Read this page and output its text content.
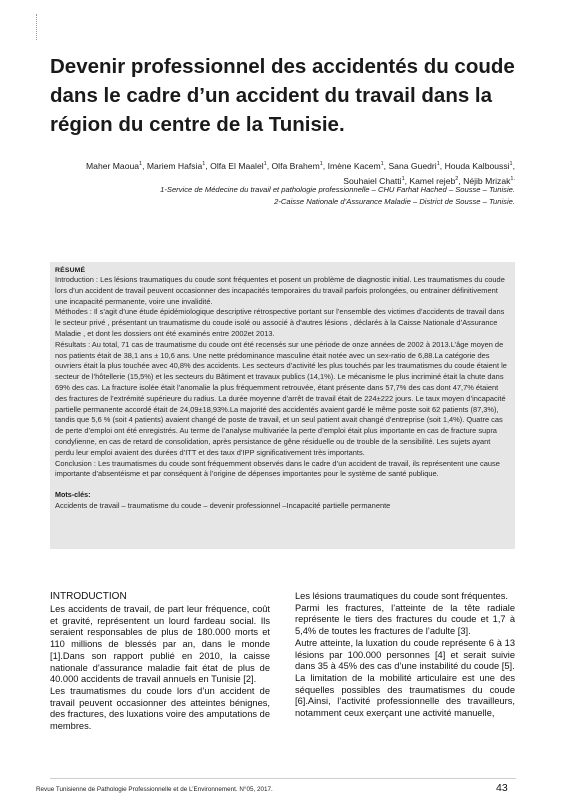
Devenir professionnel des accidentés du coude dans le cadre d’un accident du travail dans la région du centre de la Tunisie.
Maher Maoua$^1$, Mariem Hafsia$^1$, Olfa El Maalel$^1$, Olfa Brahem$^1$, Imène Kacem$^1$, Sana Guedri$^1$, Houda Kalboussi$^1$, Souhaiel Chatti$^1$, Kamel rejeb$^2$, Néjib Mrizak$^{1.}$
1-Service de Médecine du travail et pathologie professionnelle – CHU Farhat Hached – Sousse – Tunisie.
2-Caisse Nationale d’Assurance Maladie – District de Sousse – Tunisie.
RÉSUMÉ

Introduction : Les lésions traumatiques du coude sont fréquentes et posent un problème de diagnostic initial. Les traumatismes du coude lors d’un accident de travail peuvent occasionner des incapacités temporaires du travail parfois prolongées, ou entrainer définitivement une incapacité permanente, voire une invalidité.

Méthodes : Il s’agit d’une étude épidémiologique descriptive rétrospective portant sur l’ensemble des victimes d’accidents de travail dans le secteur privé , présentant un traumatisme du coude isolé ou associé à d’autres lésions , déclarés à la Caisse Nationale d’Assurance Maladie , et dont les dossiers ont été examinés entre 2002et 2013.

Résultats : Au total, 71 cas de traumatisme du coude ont été recensés sur une période de onze années de 2002 à 2013.L’âge moyen de nos patients était de 38,1 ans ± 10,6 ans. Une nette prédominance masculine était notée avec un sex-ratio de 6,88.La catégorie des ouvriers était la plus touchée avec 40,8% des accidents. Les secteurs d’activité les plus touchés par les traumatismes du coude étaient le secteur de l’hôtellerie (15,5%) et les secteurs du Bâtiment et travaux publics (14,1%). Le mécanisme le plus incriminé était la chute dans 69% des cas. La fracture isolée était l’anomalie la plus fréquemment retrouvée, étant présente dans 57,7% des cas dont 47,7% étaient des fractures de l’extrémité supérieure du radius. La durée moyenne d’arrêt de travail était de 224±222 jours. Le taux moyen d’incapacité partielle permanente accordé était de 24,09±18,93%.La majorité des accidentés avaient gardé le même poste soit 62 patients (87,3%), tandis que 5,6 % (soit 4 patients) avaient changé de poste de travail, et un seul patient avait changé d’entreprise (soit 1,4%). Quatre cas de perte d’emploi ont été enregistrés. Au terme de l’analyse multivariée la perte d’emploi était plus importante en cas de fracture supra condylienne, en cas de retard de consolidation, après persistance de gêne résiduelle ou de trouble de la sensibilité. Les sujets ayant perdu leur emploi avaient des durées d’ITT et des taux d’IPP significativement très importants.

Conclusion : Les traumatismes du coude sont fréquemment observés dans le cadre d’un accident de travail, ils représentent une cause importante d’absentéisme et par conséquent à l’origine de dépenses importantes pour le système de santé publique.

Mots-clés:
Accidents de travail – traumatisme du coude – devenir professionnel –Incapacité partielle permanente
INTRODUCTION

Les accidents de travail, de part leur fréquence, coût et gravité, représentent un lourd fardeau social. Ils seraient responsables de plus de 180.000 morts et 110 millions de blessés par an, dans le monde [1].Dans son rapport publié en 2010, la caisse nationale d’assurance maladie fait état de plus de 40.000 accidents de travail annuels en Tunisie [2].

Les traumatismes du coude lors d’un accident de travail peuvent occasionner des atteintes bénignes, des fractures, des luxations voire des amputations de membres.

Les lésions traumatiques du coude sont fréquentes.

Parmi les fractures, l’atteinte de la tête radiale représente le tiers des fractures du coude et 1,7 à 5,4% de toutes les fractures de l’adulte [3].

Autre atteinte, la luxation du coude représente 6 à 13 lésions par 100.000 personnes [4] et serait suivie dans 35 à 45% des cas d’une instabilité du coude [5].

La limitation de la mobilité articulaire est une des séquelles possibles des traumatismes du coude [6].Ainsi, l’activité professionnelle des travailleurs, notamment ceux exerçant une activité manuelle,

Revue Tunisienne de Pathologie Professionnelle et de L’Environnement. N°05, 2017.	43
